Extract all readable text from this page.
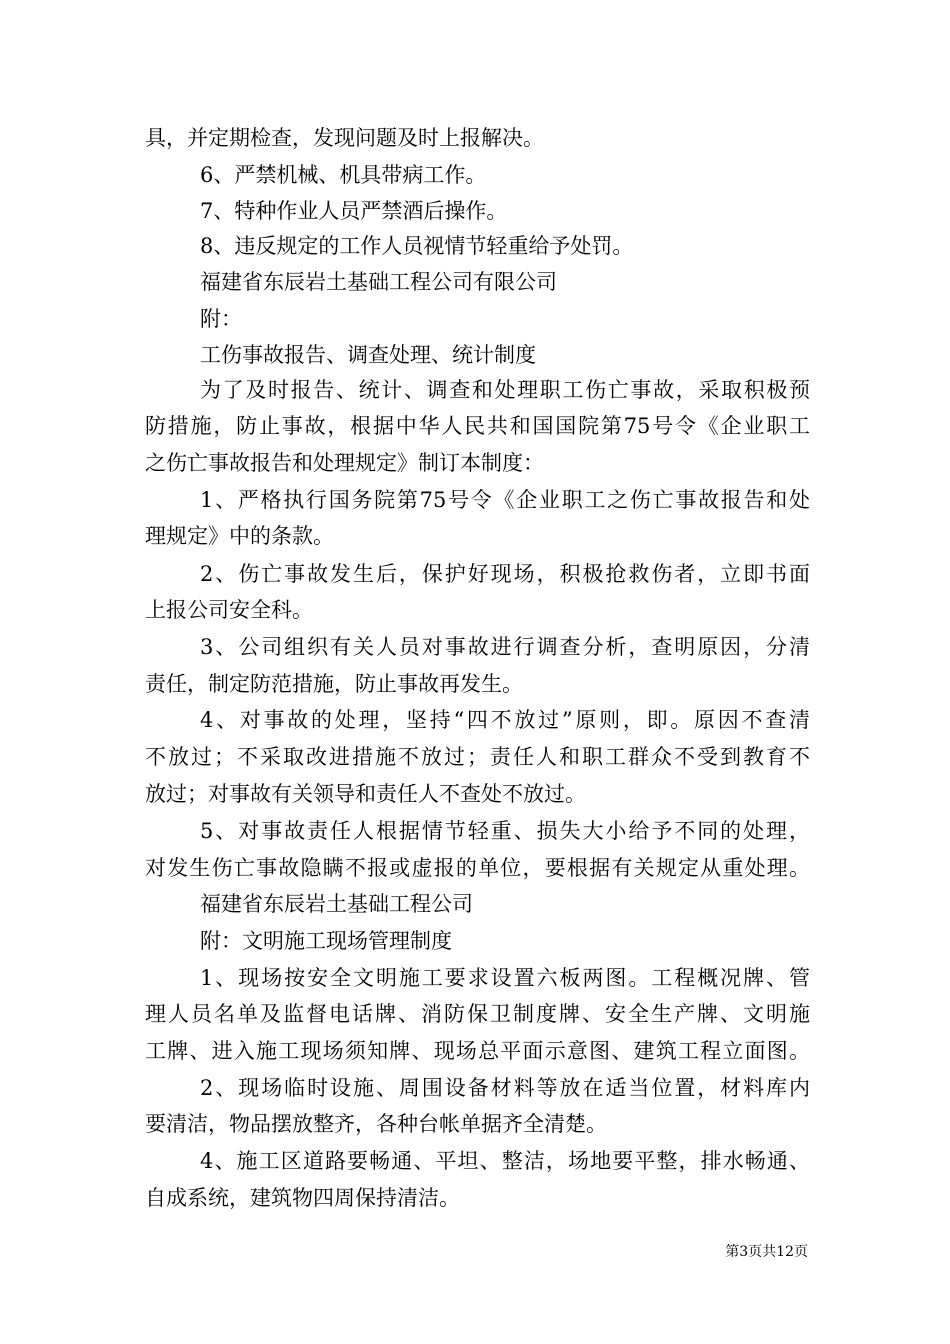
具，并定期检查，发现问题及时上报解决。
6、严禁机械、机具带病工作。
7、特种作业人员严禁酒后操作。
8、违反规定的工作人员视情节轻重给予处罚。
福建省东辰岩土基础工程公司有限公司
附：
工伤事故报告、调查处理、统计制度
为了及时报告、统计、调查和处理职工伤亡事故，采取积极预
防措施，防止事故，根据中华人民共和国国院第75号令《企业职工
之伤亡事故报告和处理规定》制订本制度：
1、严格执行国务院第75号令《企业职工之伤亡事故报告和处
理规定》中的条款。
2、伤亡事故发生后，保护好现场，积极抢救伤者，立即书面
上报公司安全科。
3、公司组织有关人员对事故进行调查分析，查明原因，分清
责任，制定防范措施，防止事故再发生。
4、对事故的处理，坚持“四不放过”原则，即。原因不查清
不放过；不采取改进措施不放过；责任人和职工群众不受到教育不
放过；对事故有关领导和责任人不查处不放过。
5、对事故责任人根据情节轻重、损失大小给予不同的处理，
对发生伤亡事故隐瞒不报或虚报的单位，要根据有关规定从重处理。
福建省东辰岩土基础工程公司
附：文明施工现场管理制度
1、现场按安全文明施工要求设置六板两图。工程概况牌、管
理人员名单及监督电话牌、消防保卫制度牌、安全生产牌、文明施
工牌、进入施工现场须知牌、现场总平面示意图、建筑工程立面图。
2、现场临时设施、周围设备材料等放在适当位置，材料库内
要清洁，物品摆放整齐，各种台帐单据齐全清楚。
4、施工区道路要畅通、平坦、整洁，场地要平整，排水畅通、
自成系统，建筑物四周保持清洁。
第3页共12页
